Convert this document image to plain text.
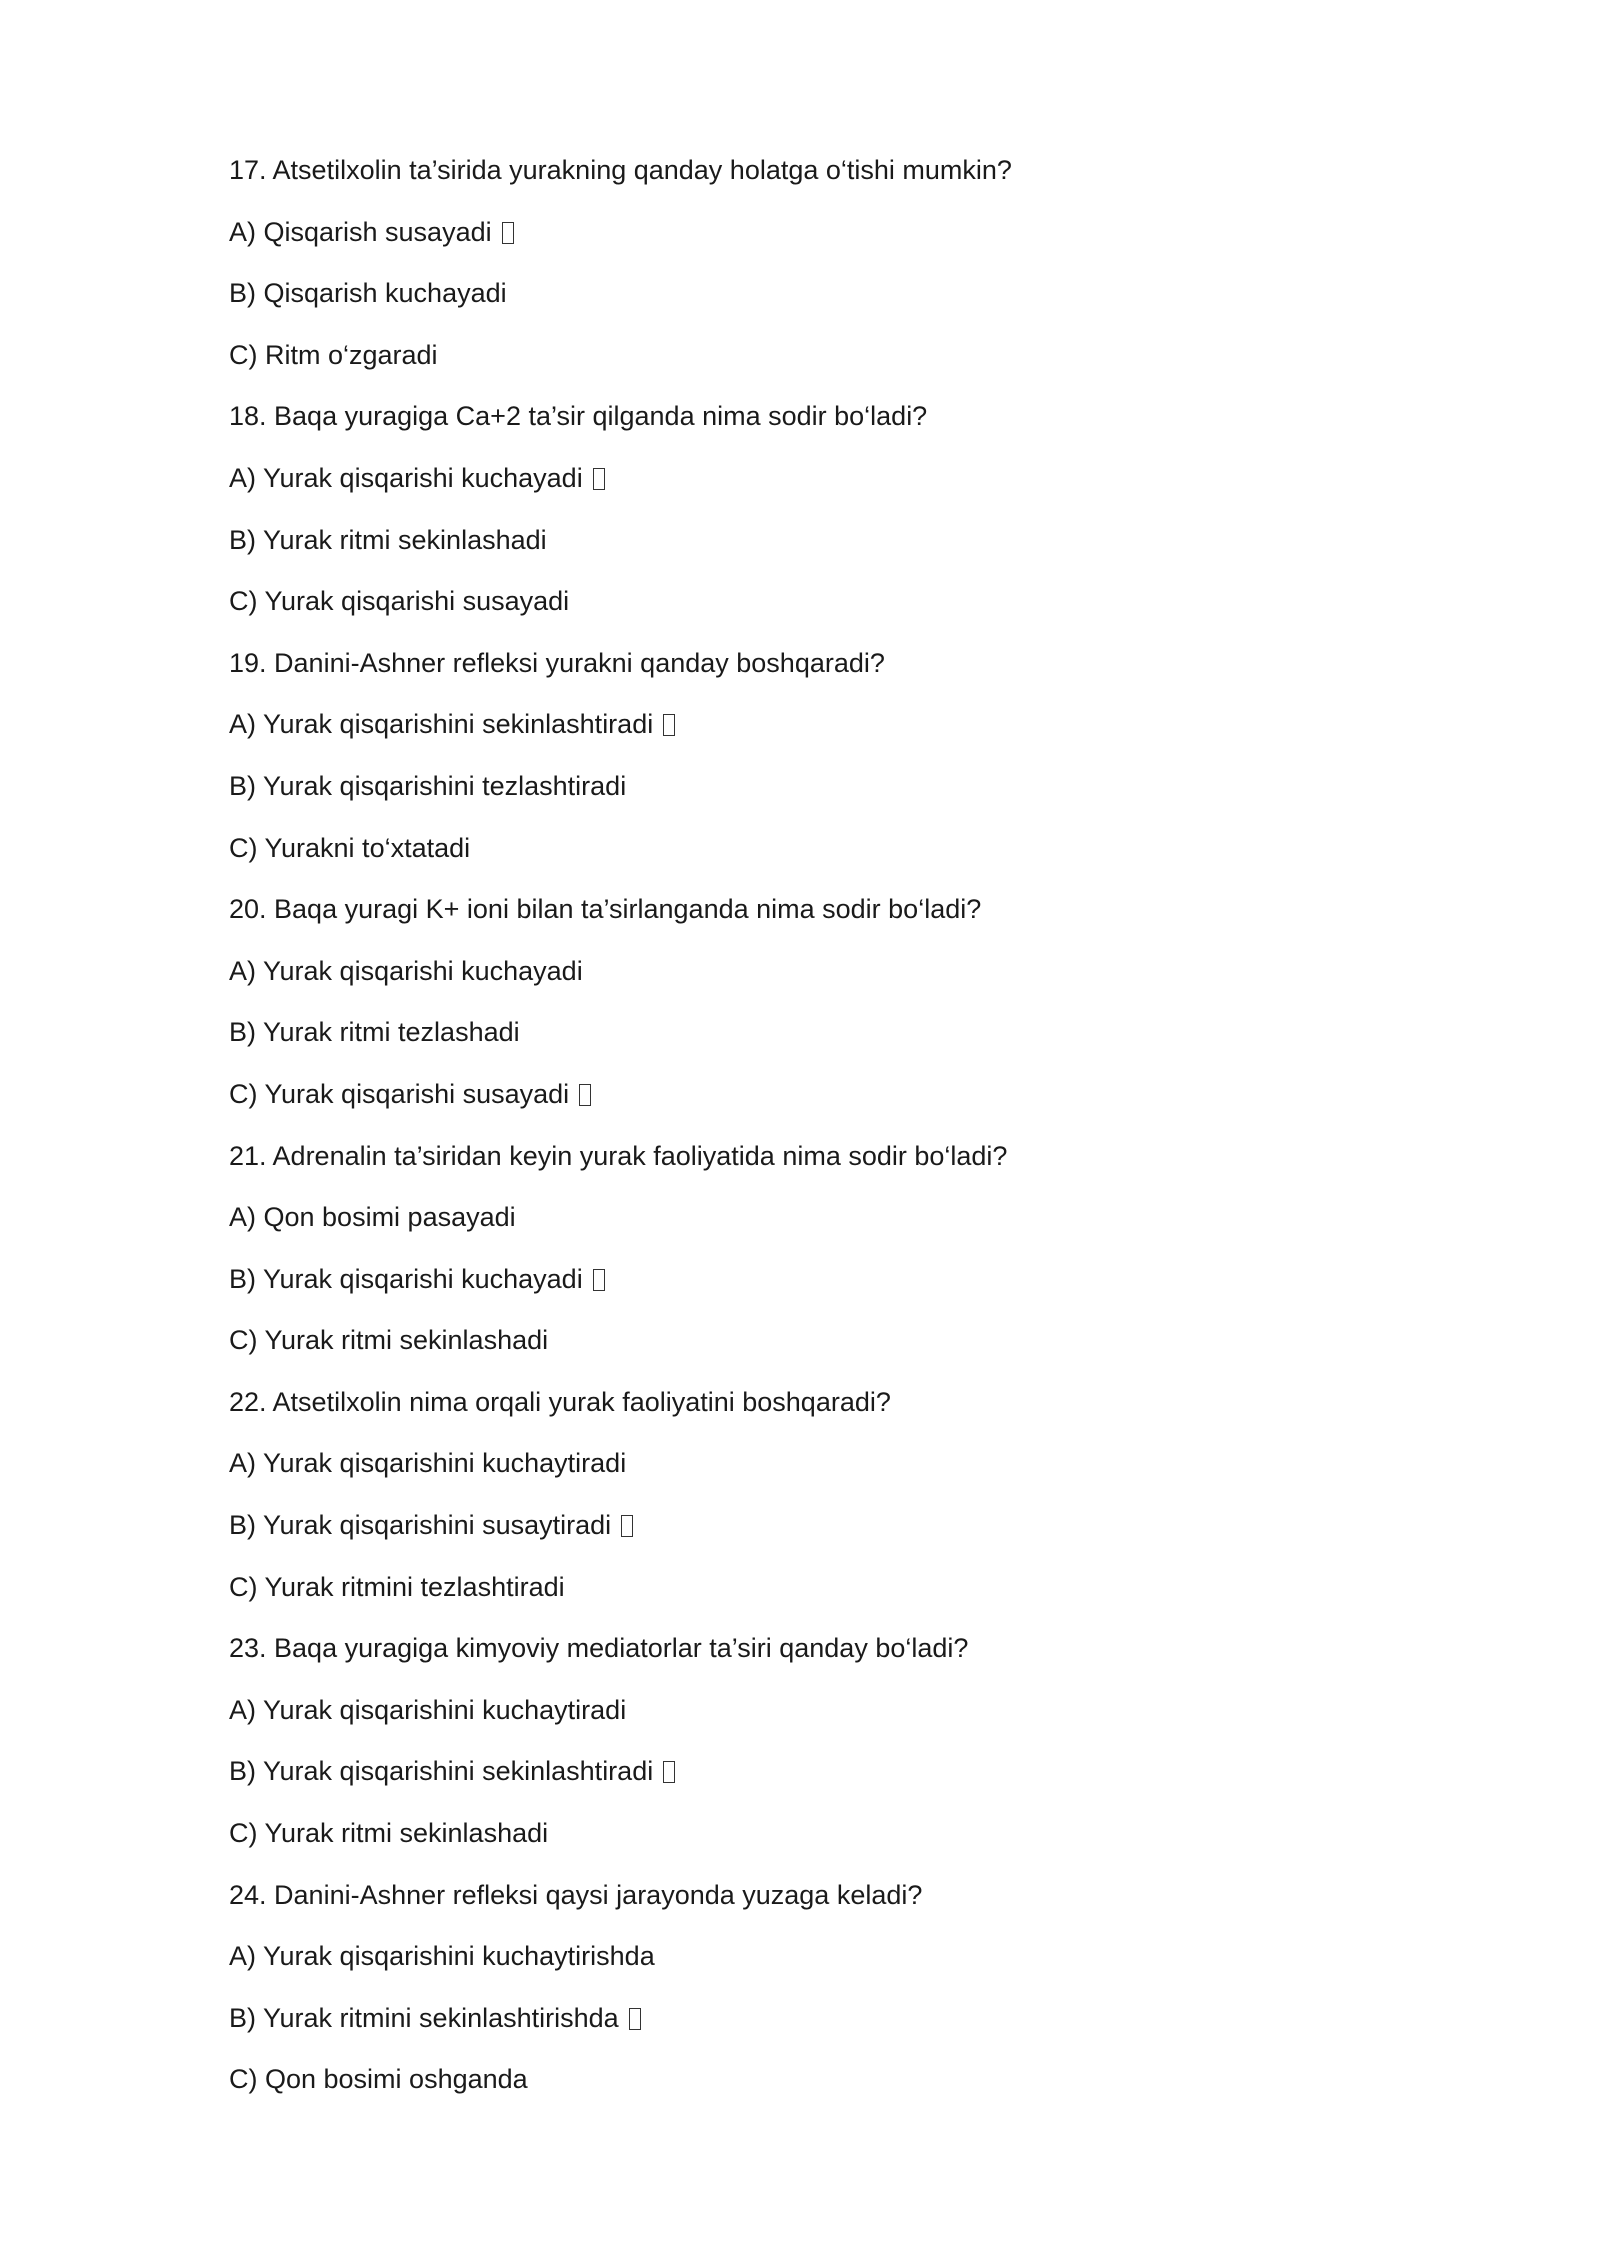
17. Atsetilxolin ta’sirida yurakning qanday holatga o‘tishi mumkin?
A) Qisqarish susayadi
B) Qisqarish kuchayadi
C) Ritm o‘zgaradi
18. Baqa yuragiga Ca+2 ta’sir qilganda nima sodir bo‘ladi?
A) Yurak qisqarishi kuchayadi
B) Yurak ritmi sekinlashadi
C) Yurak qisqarishi susayadi
19. Danini-Ashner refleksi yurakni qanday boshqaradi?
A) Yurak qisqarishini sekinlashtiradi
B) Yurak qisqarishini tezlashtiradi
C) Yurakni to‘xtatadi
20. Baqa yuragi K+ ioni bilan ta’sirlanganda nima sodir bo‘ladi?
A) Yurak qisqarishi kuchayadi
B) Yurak ritmi tezlashadi
C) Yurak qisqarishi susayadi
21. Adrenalin ta’siridan keyin yurak faoliyatida nima sodir bo‘ladi?
A) Qon bosimi pasayadi
B) Yurak qisqarishi kuchayadi
C) Yurak ritmi sekinlashadi
22. Atsetilxolin nima orqali yurak faoliyatini boshqaradi?
A) Yurak qisqarishini kuchaytiradi
B) Yurak qisqarishini susaytiradi
C) Yurak ritmini tezlashtiradi
23. Baqa yuragiga kimyoviy mediatorlar ta’siri qanday bo‘ladi?
A) Yurak qisqarishini kuchaytiradi
B) Yurak qisqarishini sekinlashtiradi
C) Yurak ritmi sekinlashadi
24. Danini-Ashner refleksi qaysi jarayonda yuzaga keladi?
A) Yurak qisqarishini kuchaytirishda
B) Yurak ritmini sekinlashtirishda
C) Qon bosimi oshganda
